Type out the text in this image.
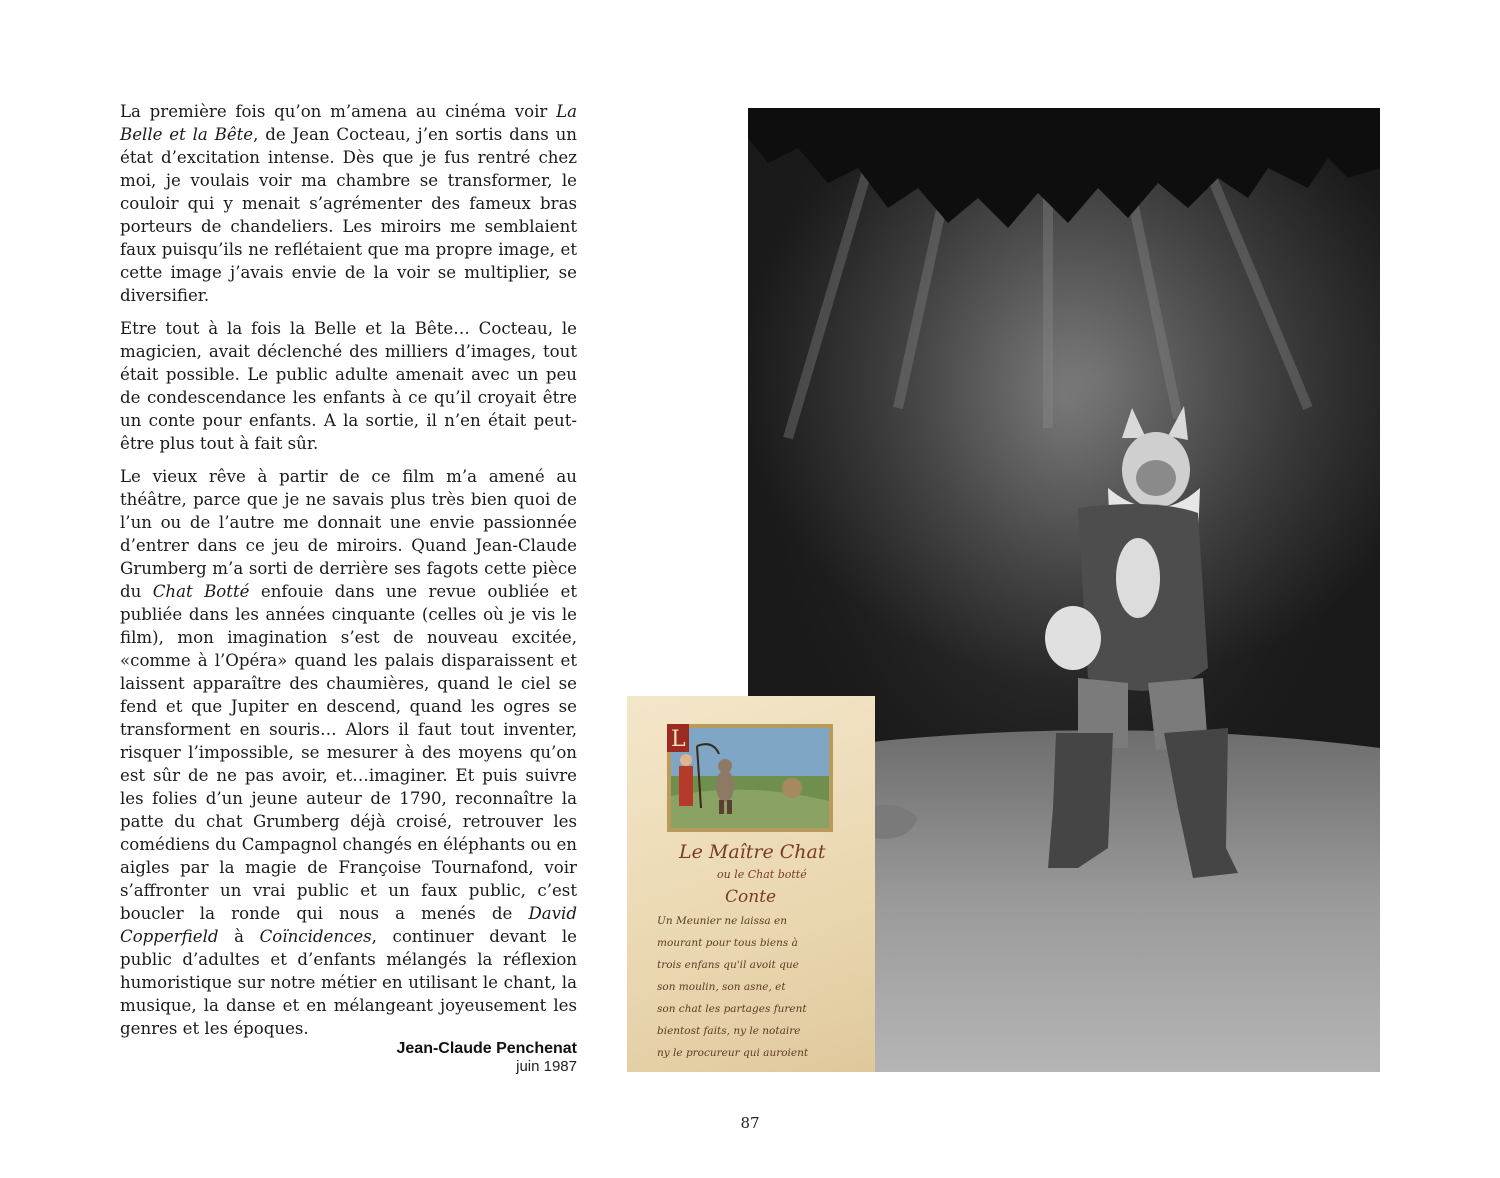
La première fois qu’on m’amena au cinéma voir La Belle et la Bête, de Jean Cocteau, j’en sortis dans un état d’excitation intense. Dès que je fus rentré chez moi, je voulais voir ma chambre se transformer, le couloir qui y menait s’agrémenter des fameux bras porteurs de chandeliers. Les miroirs me semblaient faux puisqu’ils ne reflétaient que ma propre image, et cette image j’avais envie de la voir se multiplier, se diversifier.

Etre tout à la fois la Belle et la Bête… Cocteau, le magicien, avait déclenché des milliers d’images, tout était possible. Le public adulte amenait avec un peu de condescendance les enfants à ce qu’il croyait être un conte pour enfants. A la sortie, il n’en était peut-être plus tout à fait sûr.

Le vieux rêve à partir de ce film m’a amené au théâtre, parce que je ne savais plus très bien quoi de l’un ou de l’autre me donnait une envie passionnée d’entrer dans ce jeu de miroirs. Quand Jean-Claude Grumberg m’a sorti de derrière ses fagots cette pièce du Chat Botté enfouie dans une revue oubliée et publiée dans les années cinquante (celles où je vis le film), mon imagination s’est de nouveau excitée, «comme à l’Opéra» quand les palais disparaissent et laissent apparaître des chaumières, quand le ciel se fend et que Jupiter en descend, quand les ogres se transforment en souris… Alors il faut tout inventer, risquer l’impossible, se mesurer à des moyens qu’on est sûr de ne pas avoir, et…imaginer. Et puis suivre les folies d’un jeune auteur de 1790, reconnaître la patte du chat Grumberg déjà croisé, retrouver les comédiens du Campagnol changés en éléphants ou en aigles par la magie de Françoise Tournafond, voir s’affronter un vrai public et un faux public, c’est boucler la ronde qui nous a menés de David Copperfield à Coïncidences, continuer devant le public d’adultes et d’enfants mélangés la réflexion humoristique sur notre métier en utilisant le chant, la musique, la danse et en mélangeant joyeusement les genres et les époques.

Jean-Claude Penchenat
juin 1987
L
Le Maître Chat
ou le Chat botté
Conte
Un Meunier ne laissa en
mourant pour tous biens à
trois enfans qu'il avoit que
son moulin, son asne, et
son chat les partages furent
bientost faits, ny le notaire
ny le procureur qui auroient
87
